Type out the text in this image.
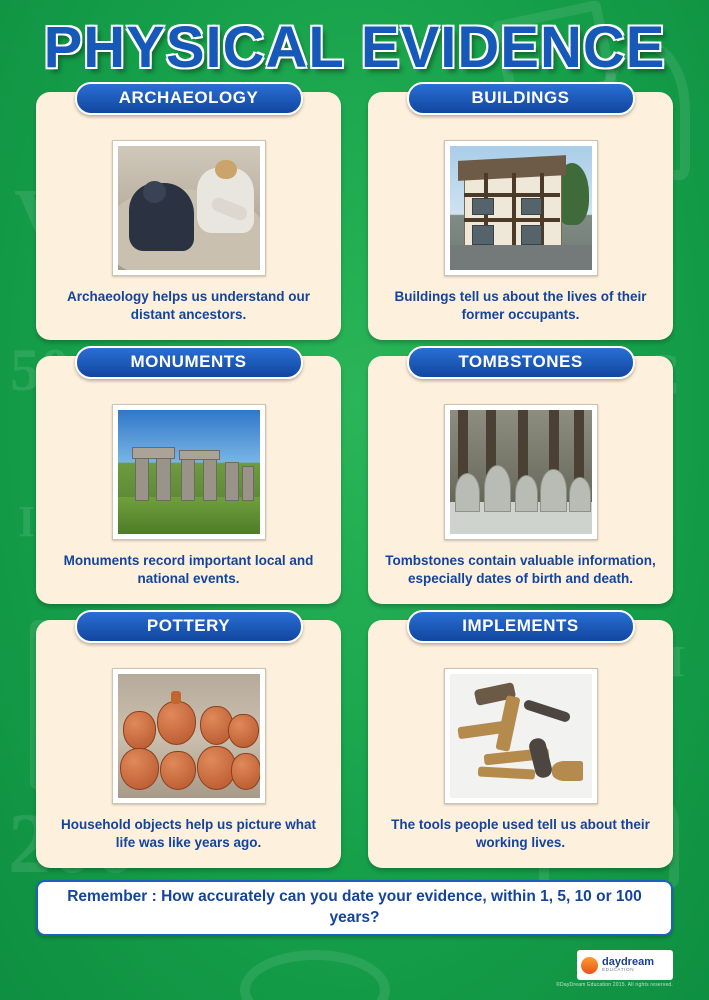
PHYSICAL EVIDENCE
ARCHAEOLOGY
Archaeology helps us understand our distant ancestors.
BUILDINGS
Buildings tell us about the lives of their former occupants.
MONUMENTS
Monuments record important local and national events.
TOMBSTONES
Tombstones contain valuable information, especially dates of birth and death.
POTTERY
Household objects help us picture what life was like years ago.
IMPLEMENTS
The tools people used tell us about their working lives.
Remember : How accurately can you date your evidence, within 1, 5, 10 or 100 years?
daydream
EDUCATION
©DayDream Education 2015. All rights reserved.
